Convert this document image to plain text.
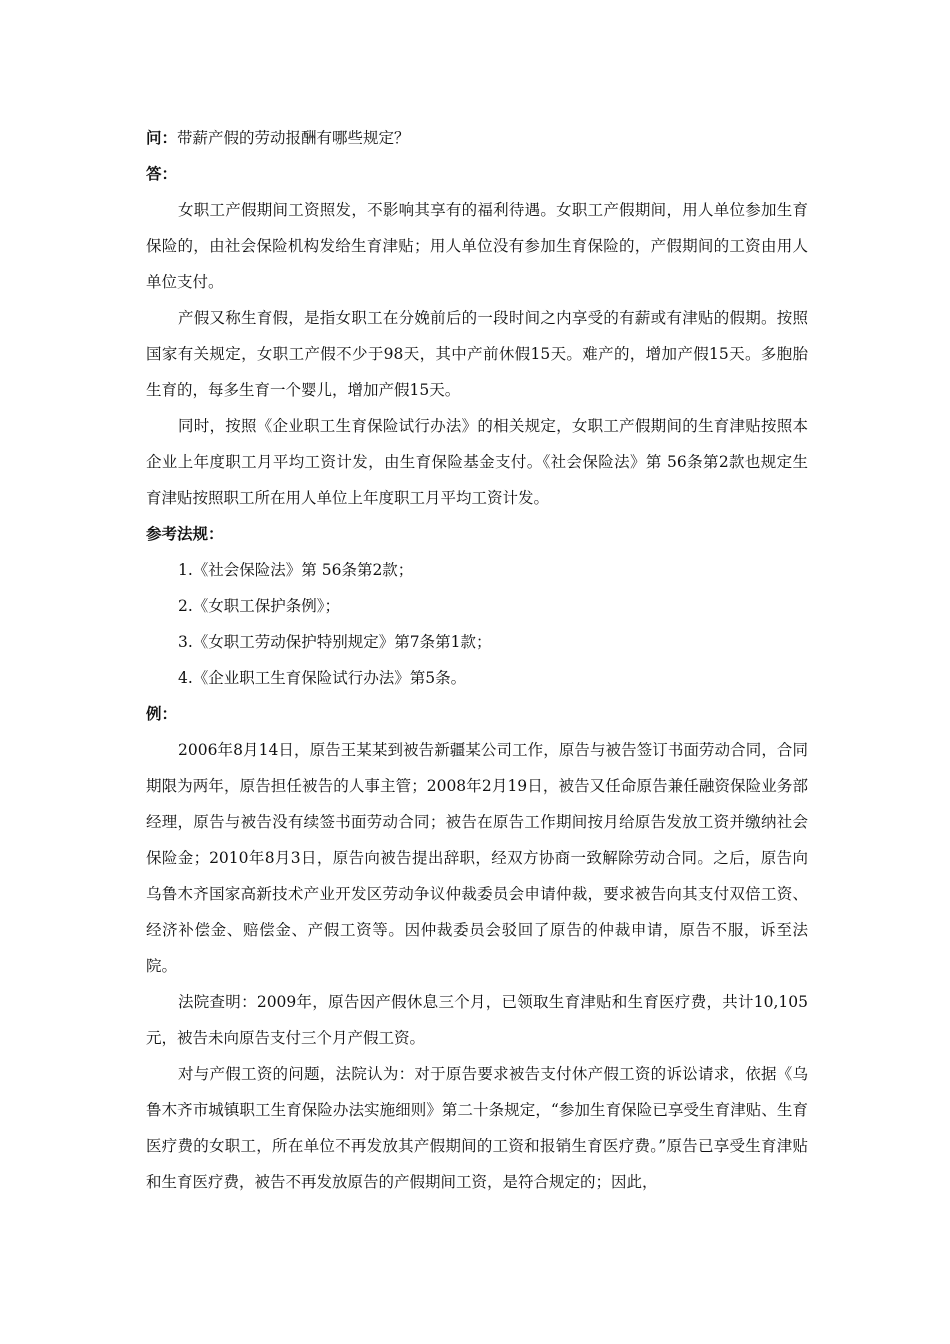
问：带薪产假的劳动报酬有哪些规定？
答：

女职工产假期间工资照发，不影响其享有的福利待遇。女职工产假期间，用人单位参加生育保险的，由社会保险机构发给生育津贴；用人单位没有参加生育保险的，产假期间的工资由用人单位支付。

产假又称生育假，是指女职工在分娩前后的一段时间之内享受的有薪或有津贴的假期。按照国家有关规定，女职工产假不少于98天，其中产前休假15天。难产的，增加产假15天。多胞胎生育的，每多生育一个婴儿，增加产假15天。

同时，按照《企业职工生育保险试行办法》的相关规定，女职工产假期间的生育津贴按照本企业上年度职工月平均工资计发，由生育保险基金支付。《社会保险法》第 56条第2款也规定生育津贴按照职工所在用人单位上年度职工月平均工资计发。

参考法规：
1.《社会保险法》第 56条第2款；
2.《女职工保护条例》；
3.《女职工劳动保护特别规定》第7条第1款；
4.《企业职工生育保险试行办法》第5条。
例：

2006年8月14日，原告王某某到被告新疆某公司工作，原告与被告签订书面劳动合同，合同期限为两年，原告担任被告的人事主管；2008年2月19日，被告又任命原告兼任融资保险业务部经理，原告与被告没有续签书面劳动合同；被告在原告工作期间按月给原告发放工资并缴纳社会保险金；2010年8月3日，原告向被告提出辞职，经双方协商一致解除劳动合同。之后，原告向乌鲁木齐国家高新技术产业开发区劳动争议仲裁委员会申请仲裁，要求被告向其支付双倍工资、经济补偿金、赔偿金、产假工资等。因仲裁委员会驳回了原告的仲裁申请，原告不服，诉至法院。

法院查明：2009年，原告因产假休息三个月，已领取生育津贴和生育医疗费，共计10,105元，被告未向原告支付三个月产假工资。

对与产假工资的问题，法院认为：对于原告要求被告支付休产假工资的诉讼请求，依据《乌鲁木齐市城镇职工生育保险办法实施细则》第二十条规定，“参加生育保险已享受生育津贴、生育医疗费的女职工，所在单位不再发放其产假期间的工资和报销生育医疗费。”原告已享受生育津贴和生育医疗费，被告不再发放原告的产假期间工资，是符合规定的；因此，
